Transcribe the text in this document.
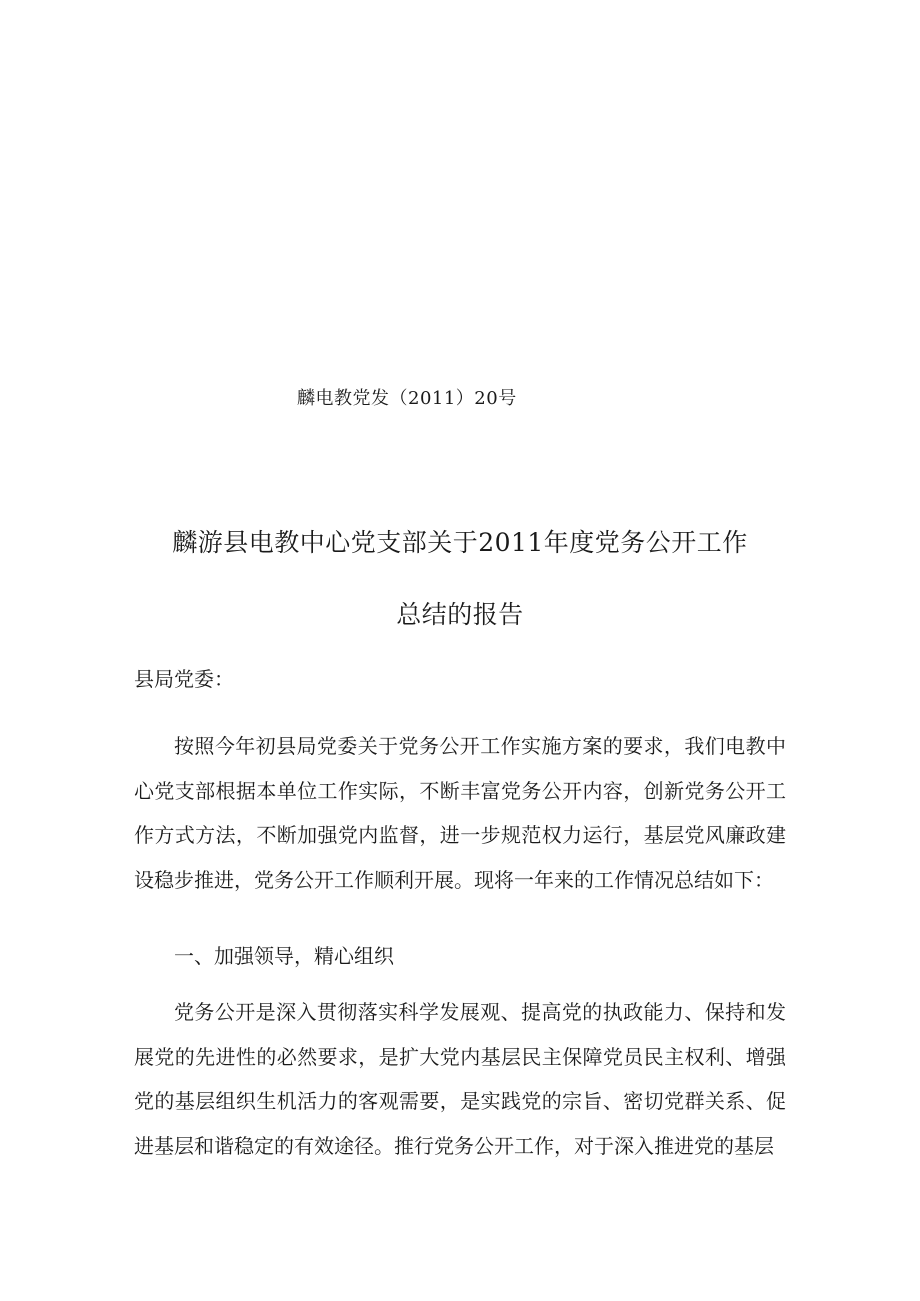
麟电教党发（2011）20号
麟游县电教中心党支部关于2011年度党务公开工作
总结的报告
县局党委：

按照今年初县局党委关于党务公开工作实施方案的要求，我们电教中心党支部根据本单位工作实际，不断丰富党务公开内容，创新党务公开工作方式方法，不断加强党内监督，进一步规范权力运行，基层党风廉政建设稳步推进，党务公开工作顺利开展。现将一年来的工作情况总结如下：

一、加强领导，精心组织

党务公开是深入贯彻落实科学发展观、提高党的执政能力、保持和发展党的先进性的必然要求，是扩大党内基层民主保障党员民主权利、增强党的基层组织生机活力的客观需要，是实践党的宗旨、密切党群关系、促进基层和谐稳定的有效途径。推行党务公开工作，对于深入推进党的基层
